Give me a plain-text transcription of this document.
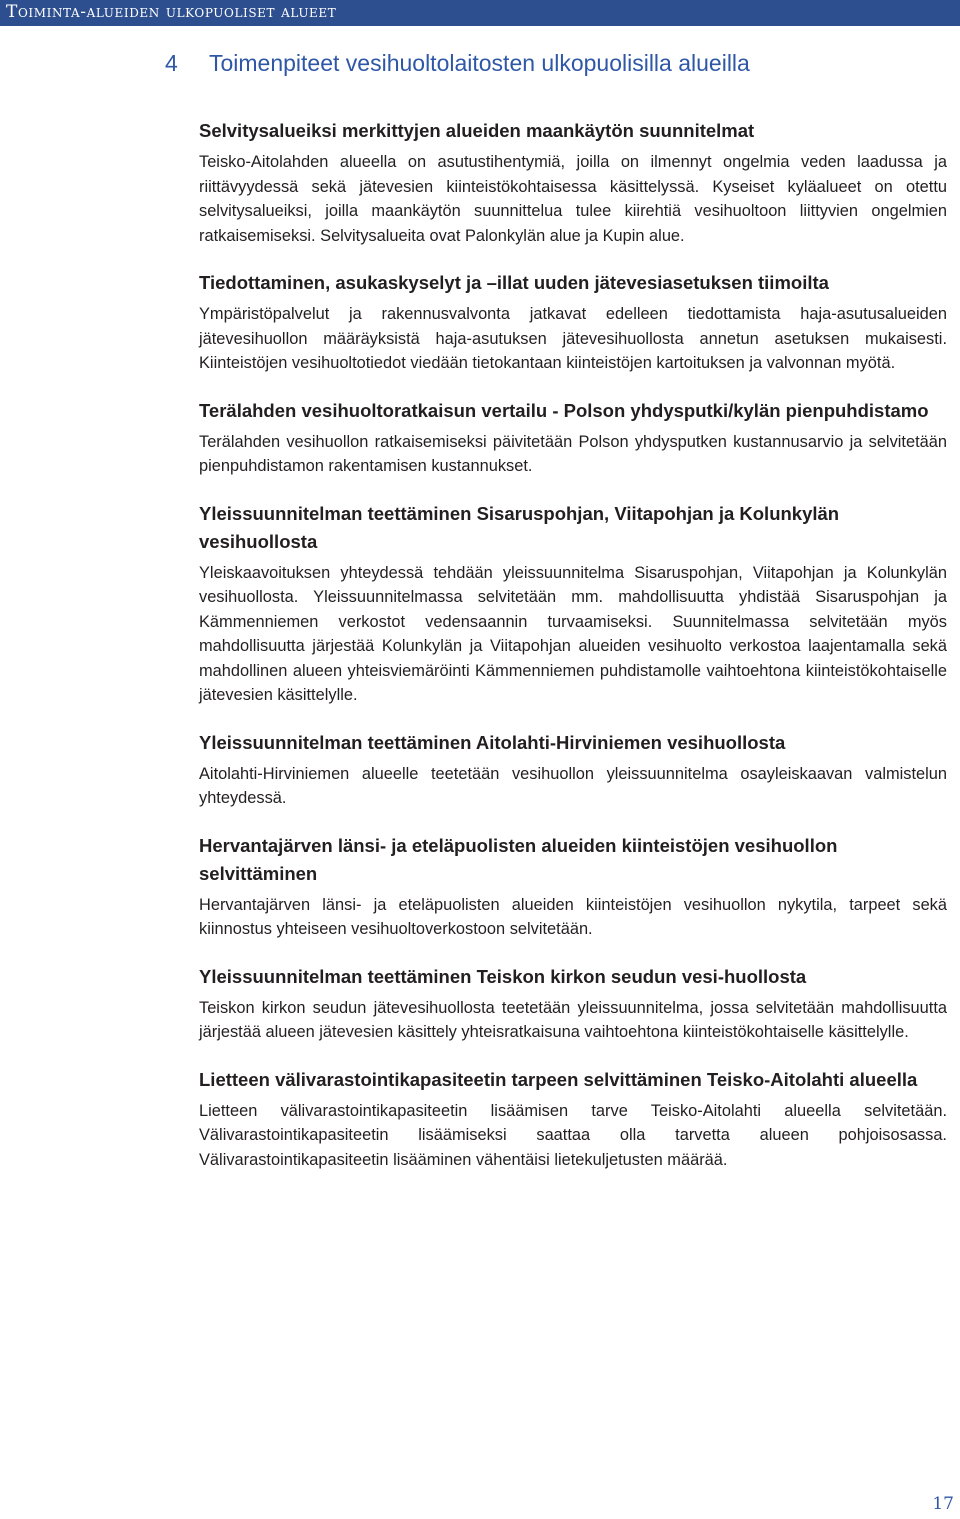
Toiminta-alueiden ulkopuoliset alueet
4 Toimenpiteet vesihuoltolaitosten ulkopuolisilla alueilla
Selvitysalueiksi merkittyjen alueiden maankäytön suunnitelmat

Teisko-Aitolahden alueella on asutustihentymiä, joilla on ilmennyt ongelmia veden laadussa ja riittävyydessä sekä jätevesien kiinteistökohtaisessa käsittelyssä. Kyseiset kyläalueet on otettu selvitysalueiksi, joilla maankäytön suunnittelua tulee kiirehtiä vesihuoltoon liittyvien ongelmien ratkaisemiseksi. Selvitysalueita ovat Palonkylän alue ja Kupin alue.

Tiedottaminen, asukaskyselyt ja –illat uuden jätevesiasetuksen tiimoilta

Ympäristöpalvelut ja rakennusvalvonta jatkavat edelleen tiedottamista haja-asutusalueiden jätevesihuollon määräyksistä haja-asutuksen jätevesihuollosta annetun asetuksen mukaisesti. Kiinteistöjen vesihuoltotiedot viedään tietokantaan kiinteistöjen kartoituksen ja valvonnan myötä.

Terälahden vesihuoltoratkaisun vertailu - Polson yhdysputki/kylän pienpuhdistamo

Terälahden vesihuollon ratkaisemiseksi päivitetään Polson yhdysputken kustannusarvio ja selvitetään pienpuhdistamon rakentamisen kustannukset.

Yleissuunnitelman teettäminen Sisaruspohjan, Viitapohjan ja Kolunkylän vesihuollosta

Yleiskaavoituksen yhteydessä tehdään yleissuunnitelma Sisaruspohjan, Viitapohjan ja Kolunkylän vesihuollosta. Yleissuunnitelmassa selvitetään mm. mahdollisuutta yhdistää Sisaruspohjan ja Kämmenniemen verkostot vedensaannin turvaamiseksi. Suunnitelmassa selvitetään myös mahdollisuutta järjestää Kolunkylän ja Viitapohjan alueiden vesihuolto verkostoa laajentamalla sekä mahdollinen alueen yhteisviemäröinti Kämmenniemen puhdistamolle vaihtoehtona kiinteistökohtaiselle jätevesien käsittelylle.

Yleissuunnitelman teettäminen Aitolahti-Hirviniemen vesihuollosta

Aitolahti-Hirviniemen alueelle teetetään vesihuollon yleissuunnitelma osayleiskaavan valmistelun yhteydessä.

Hervantajärven länsi- ja eteläpuolisten alueiden kiinteistöjen vesihuollon selvittäminen

Hervantajärven länsi- ja eteläpuolisten alueiden kiinteistöjen vesihuollon nykytila, tarpeet sekä kiinnostus yhteiseen vesihuoltoverkostoon selvitetään.

Yleissuunnitelman teettäminen Teiskon kirkon seudun vesi-huollosta

Teiskon kirkon seudun jätevesihuollosta teetetään yleissuunnitelma, jossa selvitetään mahdollisuutta järjestää alueen jätevesien käsittely yhteisratkaisuna vaihtoehtona kiinteistökohtaiselle käsittelylle.

Lietteen välivarastointikapasiteetin tarpeen selvittäminen Teisko-Aitolahti alueella

Lietteen välivarastointikapasiteetin lisäämisen tarve Teisko-Aitolahti alueella selvitetään. Välivarastointikapasiteetin lisäämiseksi saattaa olla tarvetta alueen pohjoisosassa. Välivarastointikapasiteetin lisääminen vähentäisi lietekuljetusten määrää.

17
